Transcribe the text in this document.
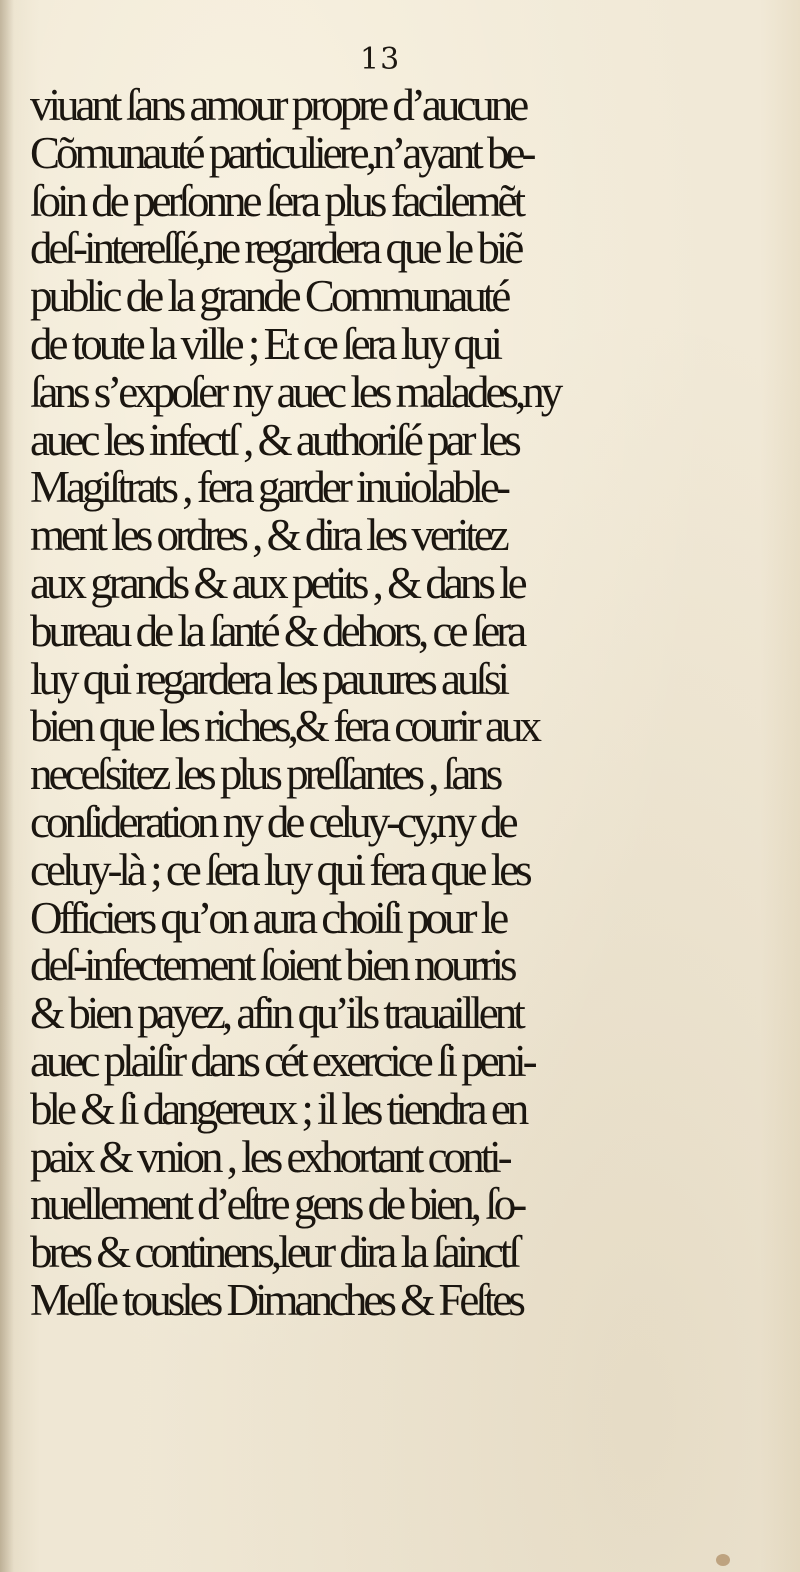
13
viuant ſans amour propre d’aucune
Cõmunauté particuliere,n’ayant be-
ſoin de perſonne ſera plus facilemẽt
deſ-intereſſé,ne regardera que le biẽ
public de la grande Communauté
de toute la ville ; Et ce ſera luy qui
ſans s’expoſer ny auec les malades,ny
auec les infectſ , & authoriſé par les
Magiſtrats , fera garder inuiolable-
ment les ordres , & dira les veritez
aux grands & aux petits , & dans le
bureau de la ſanté & dehors, ce ſera
luy qui regardera les pauures auſsi
bien que les riches,& fera courir aux
neceſsitez les plus preſſantes , ſans
conſideration ny de celuy-cy,ny de
celuy-là ; ce ſera luy qui fera que les
Officiers qu’on aura choiſi pour le
deſ-infectement ſoient bien nourris
& bien payez, afin qu’ils trauaillent
auec plaiſir dans cét exercice ſi peni-
ble & ſi dangereux ; il les tiendra en
paix & vnion , les exhortant conti-
nuellement d’eſtre gens de bien, ſo-
bres & continens,leur dira la ſainctſ
Meſſe tousles Dimanches & Feſtes
